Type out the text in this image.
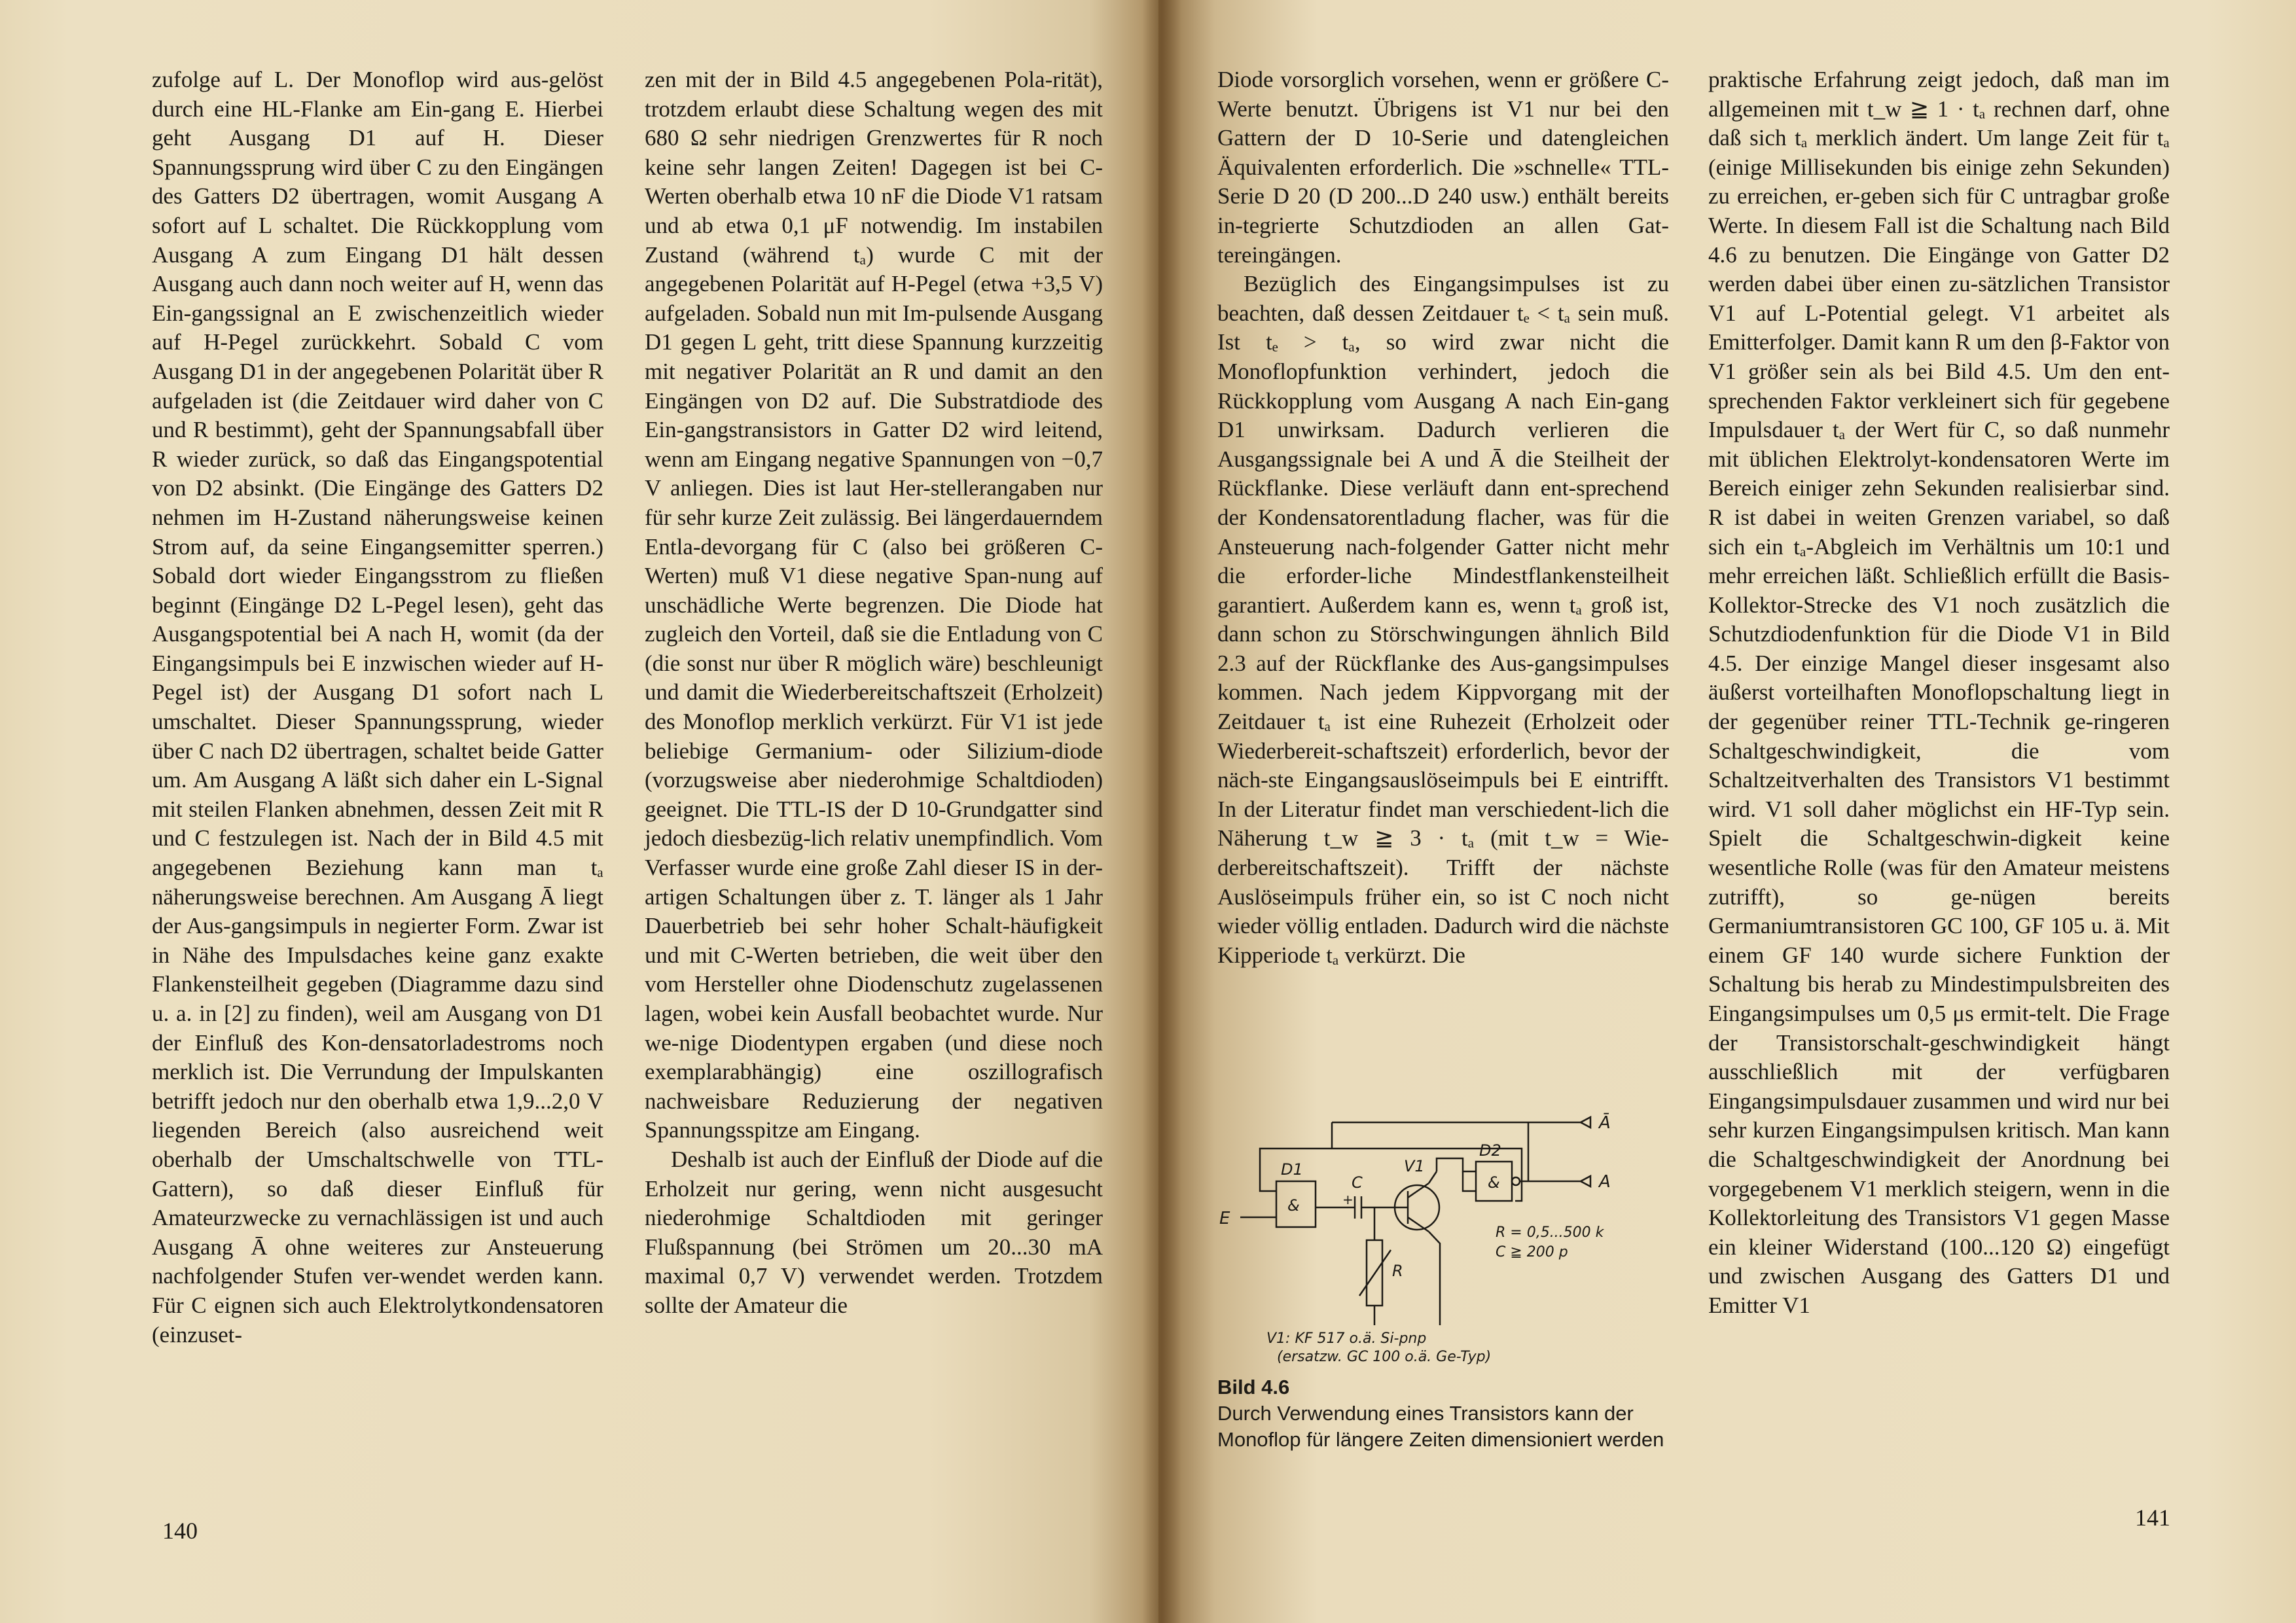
zufolge auf L. Der Monoflop wird aus-gelöst durch eine HL-Flanke am Ein-gang E. Hierbei geht Ausgang D1 auf H. Dieser Spannungssprung wird über C zu den Eingängen des Gatters D2 übertragen, womit Ausgang A sofort auf L schaltet. Die Rückkopplung vom Ausgang A zum Eingang D1 hält dessen Ausgang auch dann noch weiter auf H, wenn das Ein-gangssignal an E zwischenzeitlich wieder auf H-Pegel zurückkehrt. Sobald C vom Ausgang D1 in der angegebenen Polarität über R aufgeladen ist (die Zeitdauer wird daher von C und R bestimmt), geht der Spannungsabfall über R wieder zurück, so daß das Eingangspotential von D2 absinkt. (Die Eingänge des Gatters D2 nehmen im H-Zustand näherungsweise keinen Strom auf, da seine Eingangsemitter sperren.) Sobald dort wieder Eingangsstrom zu fließen beginnt (Eingänge D2 L-Pegel lesen), geht das Ausgangspotential bei A nach H, womit (da der Eingangsimpuls bei E inzwischen wieder auf H-Pegel ist) der Ausgang D1 sofort nach L umschaltet. Dieser Spannungssprung, wieder über C nach D2 übertragen, schaltet beide Gatter um. Am Ausgang A läßt sich daher ein L-Signal mit steilen Flanken abnehmen, dessen Zeit mit R und C festzulegen ist. Nach der in Bild 4.5 mit angegebenen Beziehung kann man tₐ näherungsweise berechnen. Am Ausgang Ā liegt der Aus-gangsimpuls in negierter Form. Zwar ist in Nähe des Impulsdaches keine ganz exakte Flankensteilheit gegeben (Diagramme dazu sind u. a. in [2] zu finden), weil am Ausgang von D1 der Einfluß des Kon-densatorladestroms noch merklich ist. Die Verrundung der Impulskanten betrifft jedoch nur den oberhalb etwa 1,9...2,0 V liegenden Bereich (also ausreichend weit oberhalb der Umschaltschwelle von TTL-Gattern), so daß dieser Einfluß für Amateurzwecke zu vernachlässigen ist und auch Ausgang Ā ohne weiteres zur Ansteuerung nachfolgender Stufen ver-wendet werden kann. Für C eignen sich auch Elektrolytkondensatoren (einzuset-

zen mit der in Bild 4.5 angegebenen Pola-rität), trotzdem erlaubt diese Schaltung wegen des mit 680 Ω sehr niedrigen Grenzwertes für R noch keine sehr langen Zeiten! Dagegen ist bei C-Werten oberhalb etwa 10 nF die Diode V1 ratsam und ab etwa 0,1 μF notwendig. Im instabilen Zustand (während tₐ) wurde C mit der angegebenen Polarität auf H-Pegel (etwa +3,5 V) aufgeladen. Sobald nun mit Im-pulsende Ausgang D1 gegen L geht, tritt diese Spannung kurzzeitig mit negativer Polarität an R und damit an den Eingängen von D2 auf. Die Substratdiode des Ein-gangstransistors in Gatter D2 wird leitend, wenn am Eingang negative Spannungen von −0,7 V anliegen. Dies ist laut Her-stellerangaben nur für sehr kurze Zeit zulässig. Bei längerdauerndem Entla-devorgang für C (also bei größeren C-Werten) muß V1 diese negative Span-nung auf unschädliche Werte begrenzen. Die Diode hat zugleich den Vorteil, daß sie die Entladung von C (die sonst nur über R möglich wäre) beschleunigt und damit die Wiederbereitschaftszeit (Erholzeit) des Monoflop merklich verkürzt. Für V1 ist jede beliebige Germanium- oder Silizium-diode (vorzugsweise aber niederohmige Schaltdioden) geeignet. Die TTL-IS der D 10-Grundgatter sind jedoch diesbezüg-lich relativ unempfindlich. Vom Verfasser wurde eine große Zahl dieser IS in der-artigen Schaltungen über z. T. länger als 1 Jahr Dauerbetrieb bei sehr hoher Schalt-häufigkeit und mit C-Werten betrieben, die weit über den vom Hersteller ohne Diodenschutz zugelassenen lagen, wobei kein Ausfall beobachtet wurde. Nur we-nige Diodentypen ergaben (und diese noch exemplarabhängig) eine oszillografisch nachweisbare Reduzierung der negativen Spannungsspitze am Eingang.

Deshalb ist auch der Einfluß der Diode auf die Erholzeit nur gering, wenn nicht ausgesucht niederohmige Schaltdioden mit geringer Flußspannung (bei Strömen um 20...30 mA maximal 0,7 V) verwendet werden. Trotzdem sollte der Amateur die

140

Diode vorsorglich vorsehen, wenn er größere C-Werte benutzt. Übrigens ist V1 nur bei den Gattern der D 10-Serie und datengleichen Äquivalenten erforderlich. Die »schnelle« TTL-Serie D 20 (D 200...D 240 usw.) enthält bereits in-tegrierte Schutzdioden an allen Gat-tereingängen.

Bezüglich des Eingangsimpulses ist zu beachten, daß dessen Zeitdauer tₑ < tₐ sein muß. Ist tₑ > tₐ, so wird zwar nicht die Monoflopfunktion verhindert, jedoch die Rückkopplung vom Ausgang A nach Ein-gang D1 unwirksam. Dadurch verlieren die Ausgangssignale bei A und Ā die Steilheit der Rückflanke. Diese verläuft dann ent-sprechend der Kondensatorentladung flacher, was für die Ansteuerung nach-folgender Gatter nicht mehr die erforder-liche Mindestflankensteilheit garantiert. Außerdem kann es, wenn tₐ groß ist, dann schon zu Störschwingungen ähnlich Bild 2.3 auf der Rückflanke des Aus-gangsimpulses kommen. Nach jedem Kippvorgang mit der Zeitdauer tₐ ist eine Ruhezeit (Erholzeit oder Wiederbereit-schaftszeit) erforderlich, bevor der näch-ste Eingangsauslöseimpuls bei E eintrifft. In der Literatur findet man verschiedent-lich die Näherung t_w ≧ 3 · tₐ (mit t_w = Wie-derbereitschaftszeit). Trifft der nächste Auslöseimpuls früher ein, so ist C noch nicht wieder völlig entladen. Dadurch wird die nächste Kipperiode tₐ verkürzt. Die

praktische Erfahrung zeigt jedoch, daß man im allgemeinen mit t_w ≧ 1 · tₐ rechnen darf, ohne daß sich tₐ merklich ändert. Um lange Zeit für tₐ (einige Millisekunden bis einige zehn Sekunden) zu erreichen, er-geben sich für C untragbar große Werte. In diesem Fall ist die Schaltung nach Bild 4.6 zu benutzen. Die Eingänge von Gatter D2 werden dabei über einen zu-sätzlichen Transistor V1 auf L-Potential gelegt. V1 arbeitet als Emitterfolger. Damit kann R um den β-Faktor von V1 größer sein als bei Bild 4.5. Um den ent-sprechenden Faktor verkleinert sich für gegebene Impulsdauer tₐ der Wert für C, so daß nunmehr mit üblichen Elektrolyt-kondensatoren Werte im Bereich einiger zehn Sekunden realisierbar sind. R ist dabei in weiten Grenzen variabel, so daß sich ein tₐ-Abgleich im Verhältnis um 10:1 und mehr erreichen läßt. Schließlich erfüllt die Basis-Kollektor-Strecke des V1 noch zusätzlich die Schutzdiodenfunktion für die Diode V1 in Bild 4.5. Der einzige Mangel dieser insgesamt also äußerst vorteilhaften Monoflopschaltung liegt in der gegenüber reiner TTL-Technik ge-ringeren Schaltgeschwindigkeit, die vom Schaltzeitverhalten des Transistors V1 bestimmt wird. V1 soll daher möglichst ein HF-Typ sein. Spielt die Schaltgeschwin-digkeit keine wesentliche Rolle (was für den Amateur meistens zutrifft), so ge-nügen bereits Germaniumtransistoren GC 100, GF 105 u. ä. Mit einem GF 140 wurde sichere Funktion der Schaltung bis herab zu Mindestimpulsbreiten des Eingangsimpulses um 0,5 μs ermit-telt. Die Frage der Transistorschalt-geschwindigkeit hängt ausschließlich mit der verfügbaren Eingangsimpulsdauer zusammen und wird nur bei sehr kurzen Eingangsimpulsen kritisch. Man kann die Schaltgeschwindigkeit der Anordnung bei vorgegebenem V1 merklich steigern, wenn in die Kollektorleitung des Transistors V1 gegen Masse ein kleiner Widerstand (100...120 Ω) eingefügt und zwischen Ausgang des Gatters D1 und Emitter V1

Ā
A
E
D1
D2
&
&
C
+
V1
R
R = 0,5...500 k
C ≧ 200 p
V1: KF 517 o.ä. Si-pnp
(ersatzw. GC 100 o.ä. Ge-Typ)
Bild 4.6
Durch Verwendung eines Transistors kann der Monoflop für längere Zeiten dimensioniert werden
141
